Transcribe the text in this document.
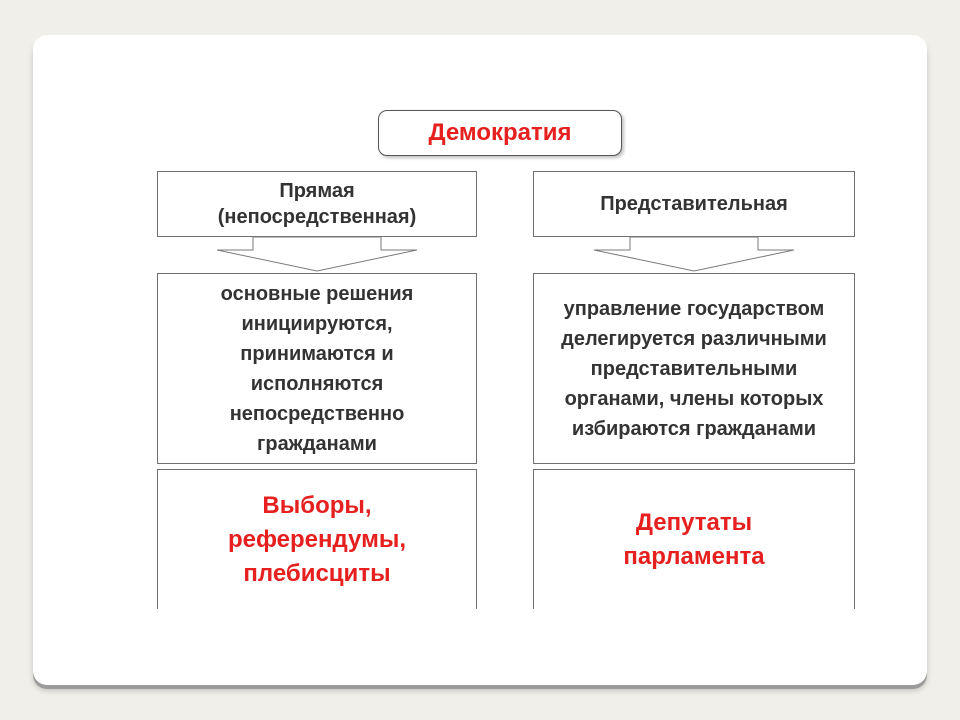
Демократия
Прямая
(непосредственная)
основные решения
инициируются,
принимаются и
исполняются
непосредственно
гражданами
Выборы,
референдумы,
плебисциты
Представительная
управление государством
делегируется различными
представительными
органами, члены которых
избираются гражданами
Депутаты
парламента
